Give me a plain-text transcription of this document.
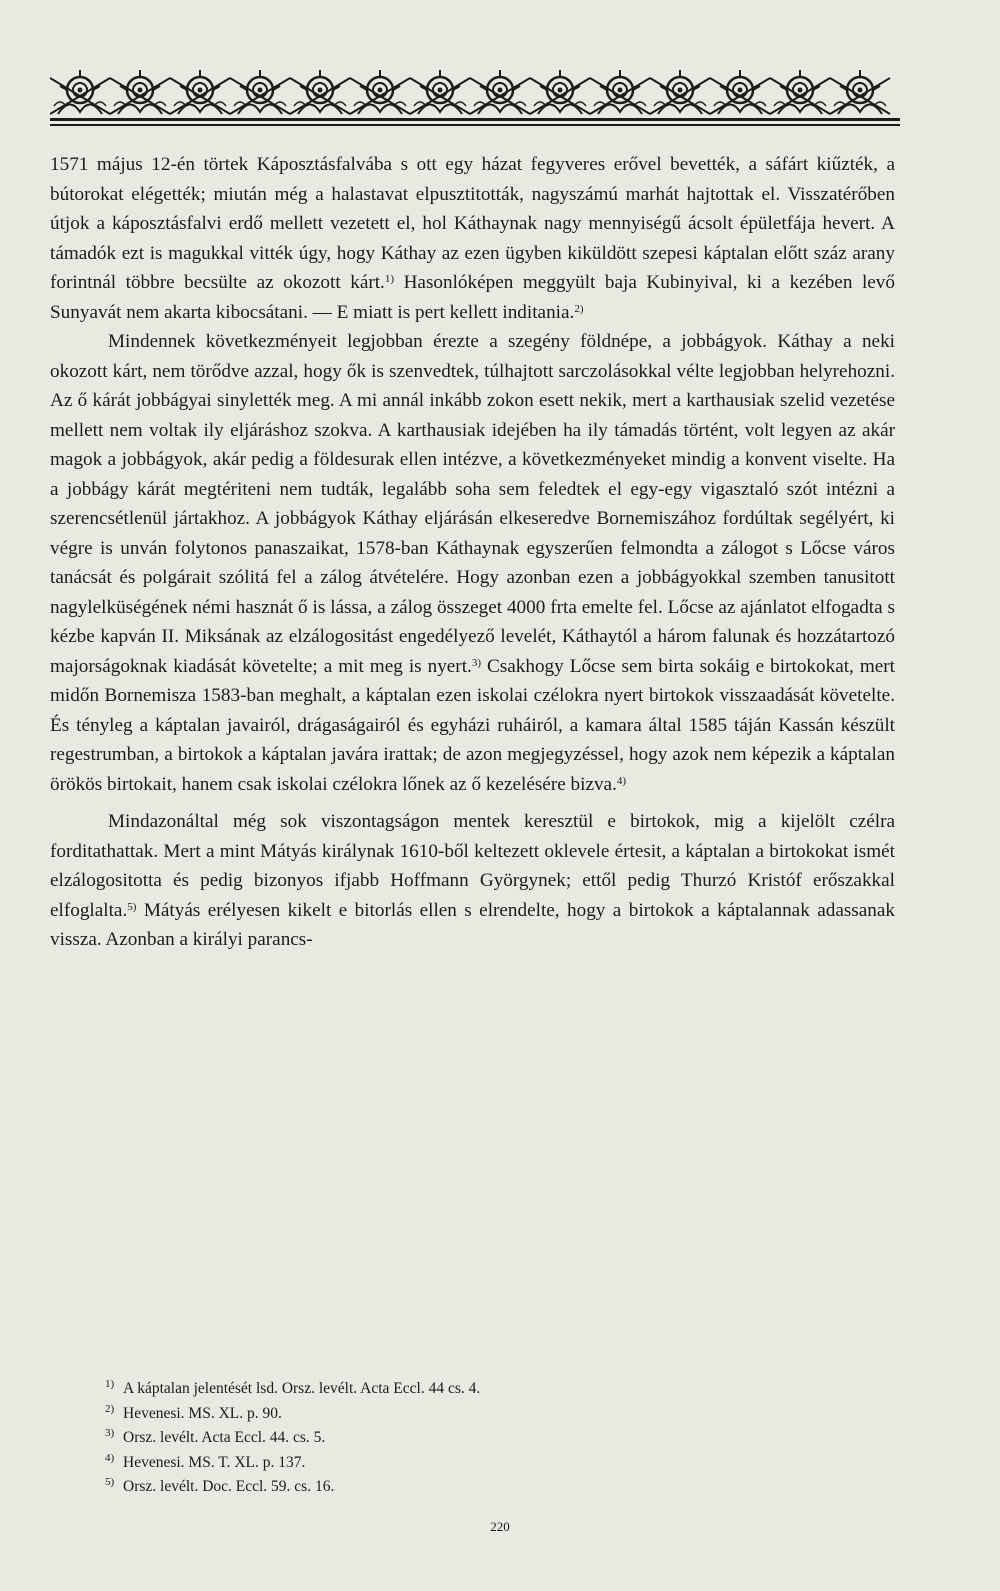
1571 május 12-én törtek Káposztásfalvába s ott egy házat fegyveres erővel bevették, a sáfárt kiűzték, a bútorokat elégették; miután még a halastavat elpusztitották, nagyszámú marhát hajtottak el. Visszatérőben útjok a káposztásfalvi erdő mellett vezetett el, hol Káthaynak nagy mennyiségű ácsolt épületfája hevert. A támadók ezt is magukkal vitték úgy, hogy Káthay az ezen ügyben kiküldött szepesi káptalan előtt száz arany forintnál többre becsülte az okozott kárt.$^{1)}$ Hasonlóképen meggyült baja Kubinyival, ki a kezében levő Sunyavát nem akarta kibocsátani. — E miatt is pert kellett inditania.$^{2)}$

Mindennek következményeit legjobban érezte a szegény földnépe, a jobbágyok. Káthay a neki okozott kárt, nem törődve azzal, hogy ők is szenvedtek, túlhajtott sarczolásokkal vélte legjobban helyrehozni. Az ő kárát jobbágyai sinylették meg. A mi annál inkább zokon esett nekik, mert a karthausiak szelid vezetése mellett nem voltak ily eljáráshoz szokva. A karthausiak idejében ha ily támadás történt, volt legyen az akár magok a jobbágyok, akár pedig a földesurak ellen intézve, a következményeket mindig a konvent viselte. Ha a jobbágy kárát megtériteni nem tudták, legalább soha sem feledtek el egy-egy vigasztaló szót intézni a szerencsétlenül jártakhoz. A jobbágyok Káthay eljárásán elkeseredve Bornemiszához fordúltak segélyért, ki végre is unván folytonos panaszaikat, 1578-ban Káthaynak egyszerűen felmondta a zálogot s Lőcse város tanácsát és polgárait szólitá fel a zálog átvételére. Hogy azonban ezen a jobbágyokkal szemben tanusitott nagylelküségének némi hasznát ő is lássa, a zálog összeget 4000 frta emelte fel. Lőcse az ajánlatot elfogadta s kézbe kapván II. Miksának az elzálogositást engedélyező levelét, Káthaytól a három falunak és hozzátartozó majorságoknak kiadását követelte; a mit meg is nyert.$^{3)}$ Csakhogy Lőcse sem birta sokáig e birtokokat, mert midőn Bornemisza 1583-ban meghalt, a káptalan ezen iskolai czélokra nyert birtokok visszaadását követelte. És tényleg a káptalan javairól, drágaságairól és egyházi ruháiról, a kamara által 1585 táján Kassán készült regestrumban, a birtokok a káptalan javára irattak; de azon megjegyzéssel, hogy azok nem képezik a káptalan örökös birtokait, hanem csak iskolai czélokra lőnek az ő kezelésére bizva.$^{4)}$

Mindazonáltal még sok viszontagságon mentek keresztül e birtokok, mig a kijelölt czélra forditathattak. Mert a mint Mátyás királynak 1610-ből keltezett oklevele értesit, a káptalan a birtokokat ismét elzálogositotta és pedig bizonyos ifjabb Hoffmann Györgynek; ettől pedig Thurzó Kristóf erőszakkal elfoglalta.$^{5)}$ Mátyás erélyesen kikelt e bitorlás ellen s elrendelte, hogy a birtokok a káptalannak adassanak vissza. Azonban a királyi parancs-

$^{1)}$ A káptalan jelentését lsd. Orsz. levélt. Acta Eccl. 44 cs. 4.
$^{2)}$ Hevenesi. MS. XL. p. 90.
$^{3)}$ Orsz. levélt. Acta Eccl. 44. cs. 5.
$^{4)}$ Hevenesi. MS. T. XL. p. 137.
$^{5)}$ Orsz. levélt. Doc. Eccl. 59. cs. 16.
220
